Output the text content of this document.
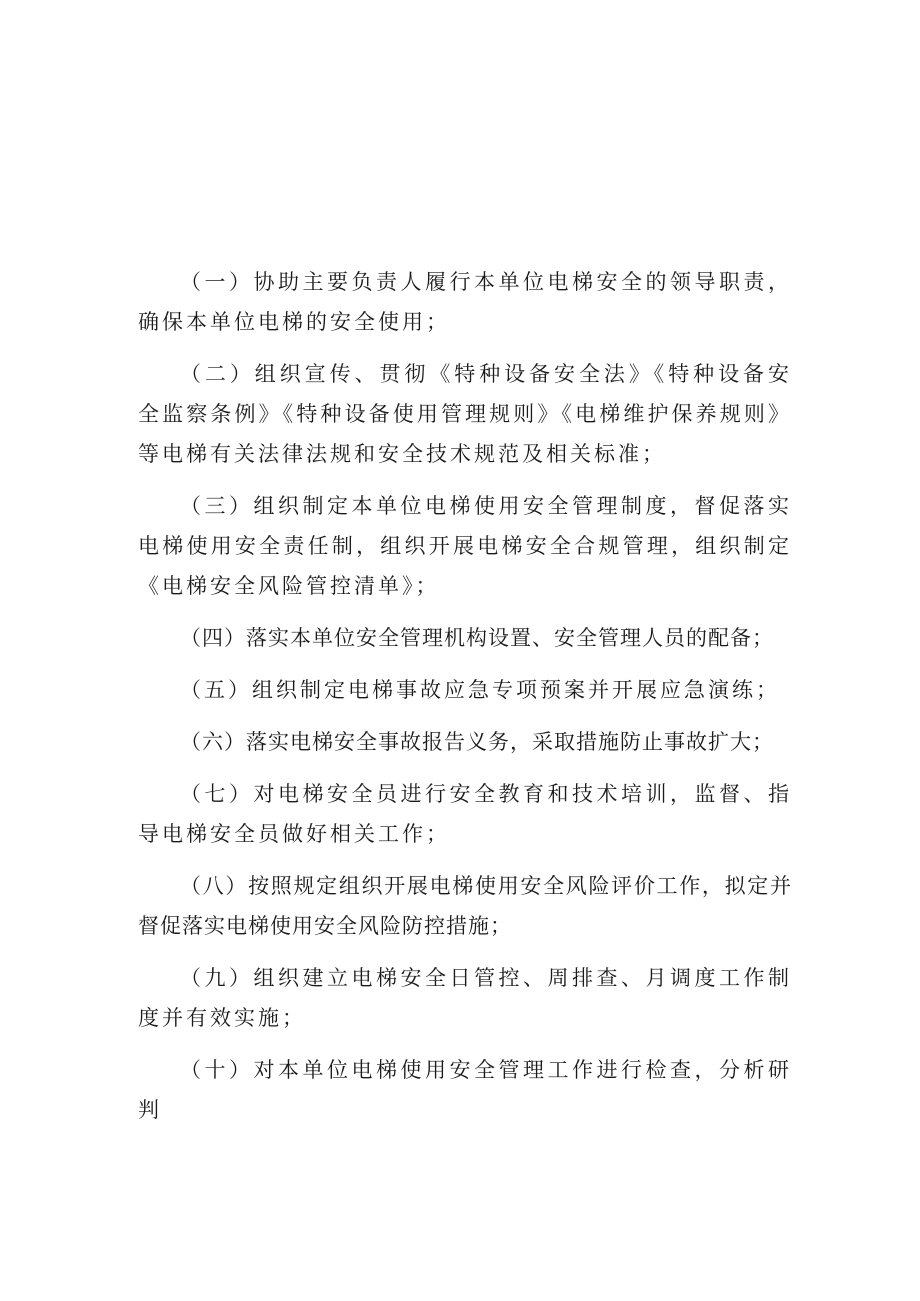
（一）协助主要负责人履行本单位电梯安全的领导职责，确保本单位电梯的安全使用；

（二）组织宣传、贯彻《特种设备安全法》《特种设备安全监察条例》《特种设备使用管理规则》《电梯维护保养规则》等电梯有关法律法规和安全技术规范及相关标准；

（三）组织制定本单位电梯使用安全管理制度，督促落实电梯使用安全责任制，组织开展电梯安全合规管理，组织制定《电梯安全风险管控清单》；

（四）落实本单位安全管理机构设置、安全管理人员的配备；

（五）组织制定电梯事故应急专项预案并开展应急演练；

（六）落实电梯安全事故报告义务，采取措施防止事故扩大；

（七）对电梯安全员进行安全教育和技术培训，监督、指导电梯安全员做好相关工作；

（八）按照规定组织开展电梯使用安全风险评价工作，拟定并督促落实电梯使用安全风险防控措施；

（九）组织建立电梯安全日管控、周排查、月调度工作制度并有效实施；

（十）对本单位电梯使用安全管理工作进行检查，分析研判
